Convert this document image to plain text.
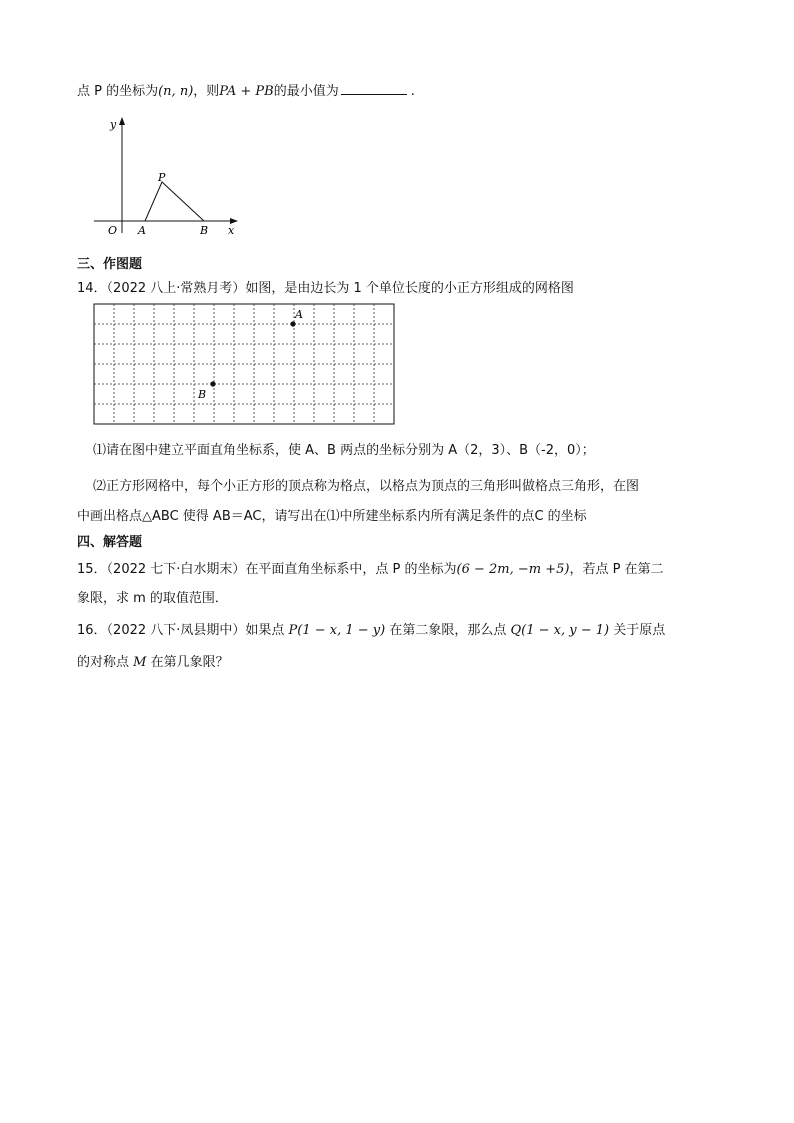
点 P 的坐标为(n, n)，则PA + PB的最小值为	.
y
x
O A	B
P
三、作图题
14．（2022 八上·常熟月考）如图，是由边长为 1 个单位长度的小正方形组成的网格图
A
B
⑴请在图中建立平面直角坐标系，使 A、B 两点的坐标分别为 A（2，3）、B（-2，0）；
⑵正方形网格中，每个小正方形的顶点称为格点，以格点为顶点的三角形叫做格点三角形，在图
中画出格点△ABC 使得 AB＝AC，请写出在⑴中所建坐标系内所有满足条件的点C 的坐标
四、解答题
15．（2022 七下·白水期末）在平面直角坐标系中，点 P 的坐标为(6 − 2m, −m +5)，若点 P 在第二
象限，求 m 的取值范围．
16．（2022 八下·凤县期中）如果点 P(1 − x, 1 − y) 在第二象限，那么点 Q(1 − x, y − 1) 关于原点
的对称点 M 在第几象限？
